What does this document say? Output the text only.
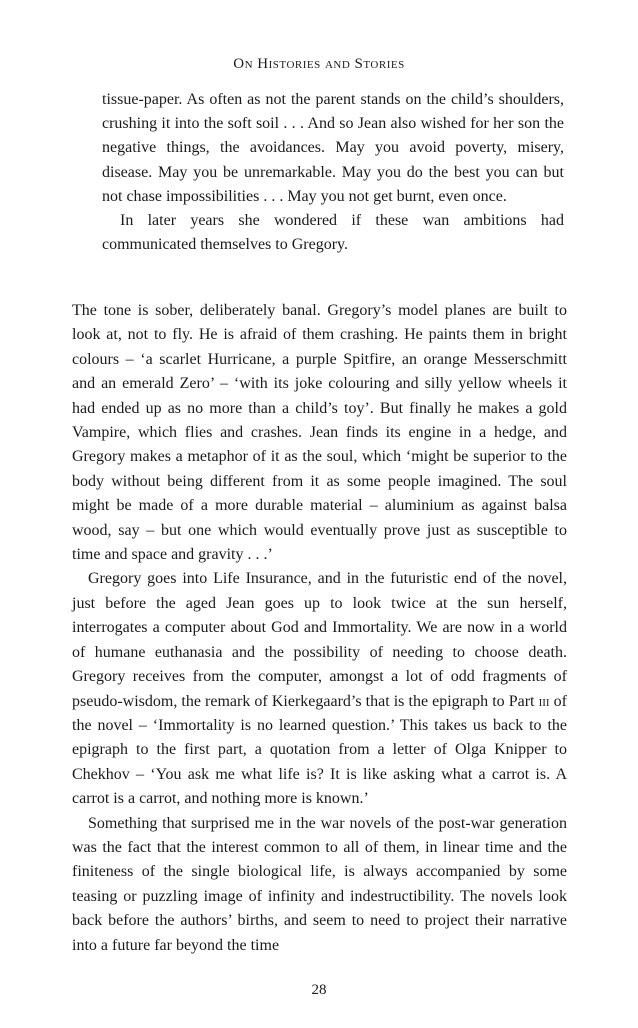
On Histories and Stories

tissue-paper. As often as not the parent stands on the child’s shoulders, crushing it into the soft soil . . . And so Jean also wished for her son the negative things, the avoidances. May you avoid poverty, misery, disease. May you be unremarkable. May you do the best you can but not chase impossibilities . . . May you not get burnt, even once.

In later years she wondered if these wan ambitions had communicated themselves to Gregory.

The tone is sober, deliberately banal. Gregory’s model planes are built to look at, not to fly. He is afraid of them crashing. He paints them in bright colours – ‘a scarlet Hurricane, a purple Spitfire, an orange Messerschmitt and an emerald Zero’ – ‘with its joke colouring and silly yellow wheels it had ended up as no more than a child’s toy’. But finally he makes a gold Vampire, which flies and crashes. Jean finds its engine in a hedge, and Gregory makes a metaphor of it as the soul, which ‘might be superior to the body without being different from it as some people imagined. The soul might be made of a more durable material – aluminium as against balsa wood, say – but one which would eventually prove just as susceptible to time and space and gravity . . .’

Gregory goes into Life Insurance, and in the futuristic end of the novel, just before the aged Jean goes up to look twice at the sun herself, interrogates a computer about God and Immortality. We are now in a world of humane euthanasia and the possibility of needing to choose death. Gregory receives from the computer, amongst a lot of odd fragments of pseudo-wisdom, the remark of Kierkegaard’s that is the epigraph to Part iii of the novel – ‘Immortality is no learned question.’ This takes us back to the epigraph to the first part, a quotation from a letter of Olga Knipper to Chekhov – ‘You ask me what life is? It is like asking what a carrot is. A carrot is a carrot, and nothing more is known.’

Something that surprised me in the war novels of the post-war generation was the fact that the interest common to all of them, in linear time and the finiteness of the single biological life, is always accompanied by some teasing or puzzling image of infinity and indestructibility. The novels look back before the authors’ births, and seem to need to project their narrative into a future far beyond the time

28
